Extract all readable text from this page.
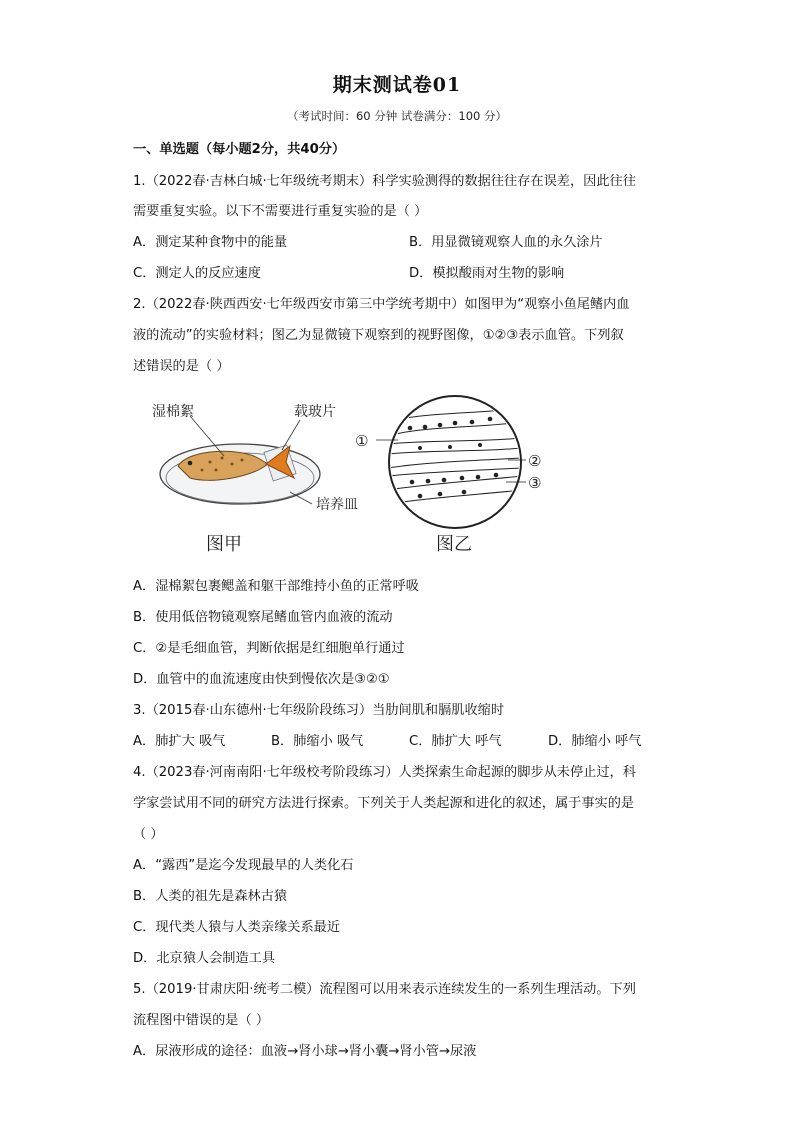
期末测试卷01
（考试时间：60 分钟 试卷满分：100 分）
一、单选题（每小题2分，共40分）
1.（2022春·吉林白城·七年级统考期末）科学实验测得的数据往往存在误差，因此往往
需要重复实验。以下不需要进行重复实验的是（ ）
A．测定某种食物中的能量	B．用显微镜观察人血的永久涂片
C．测定人的反应速度	D．模拟酸雨对生物的影响
2.（2022春·陕西西安·七年级西安市第三中学统考期中）如图甲为“观察小鱼尾鳍内血
液的流动”的实验材料；图乙为显微镜下观察到的视野图像，①②③表示血管。下列叙
述错误的是（ ）
湿棉絮	载玻片
培养皿
图甲
①
②
③
图乙
A．湿棉絮包裹鳃盖和躯干部维持小鱼的正常呼吸
B．使用低倍物镜观察尾鳍血管内血液的流动
C．②是毛细血管，判断依据是红细胞单行通过
D．血管中的血流速度由快到慢依次是③②①
3.（2015春·山东德州·七年级阶段练习）当肋间肌和膈肌收缩时
A．肺扩大 吸气	B．肺缩小 吸气	C．肺扩大 呼气	D．肺缩小 呼气
4.（2023春·河南南阳·七年级校考阶段练习）人类探索生命起源的脚步从未停止过，科
学家尝试用不同的研究方法进行探索。下列关于人类起源和进化的叙述，属于事实的是
（ ）
A．“露西”是迄今发现最早的人类化石
B．人类的祖先是森林古猿
C．现代类人猿与人类亲缘关系最近
D．北京猿人会制造工具
5.（2019·甘肃庆阳·统考二模）流程图可以用来表示连续发生的一系列生理活动。下列
流程图中错误的是（ ）
A．尿液形成的途径：血液→肾小球→肾小囊→肾小管→尿液
